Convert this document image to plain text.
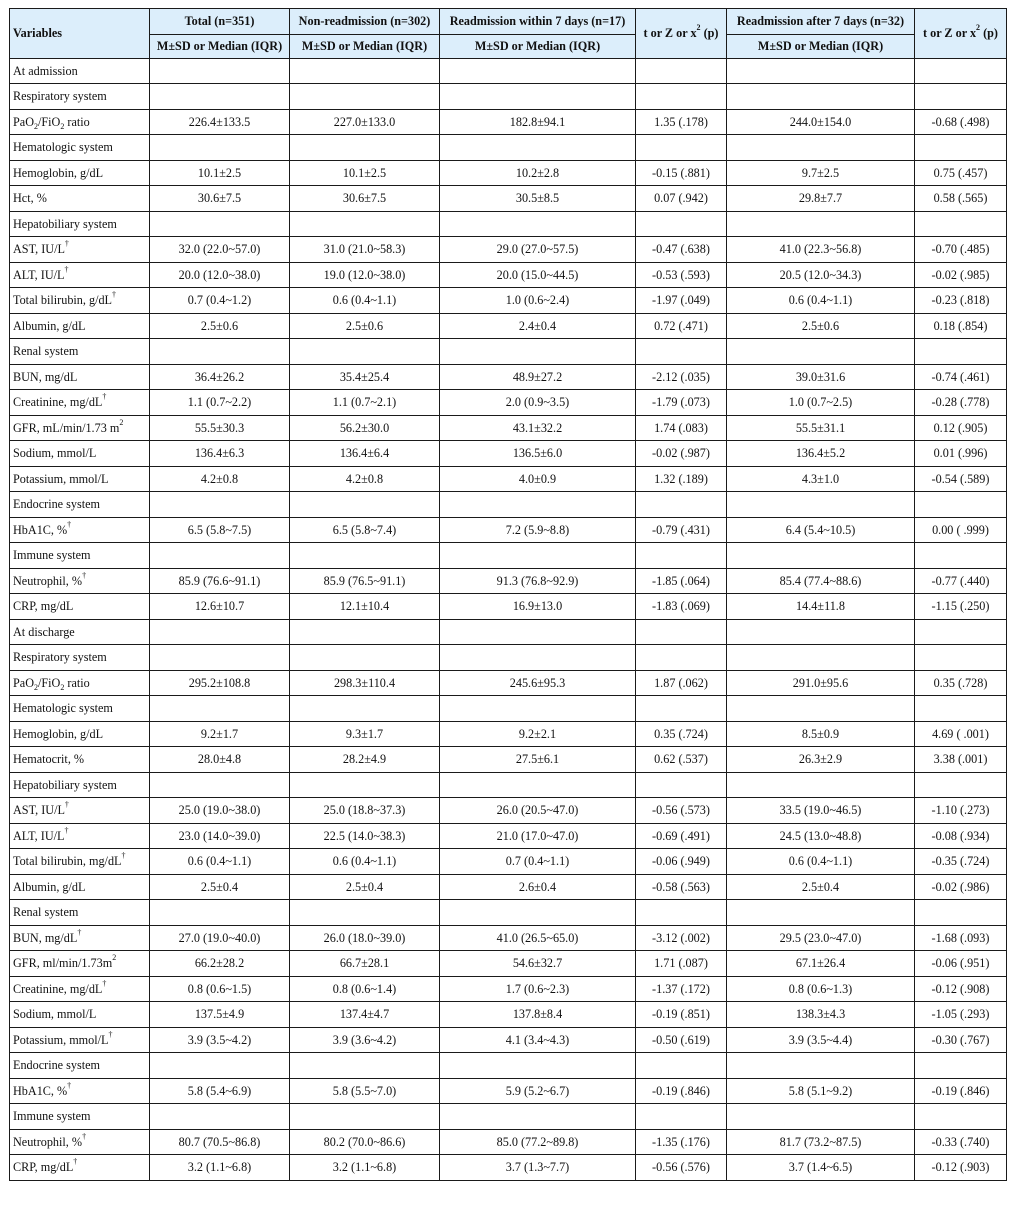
Variables	Total (n=351)	Non-readmission (n=302)	Readmission within 7 days (n=17)	t or Z or $x^2$ (p)	Readmission after 7 days (n=32)	t or Z or $x^2$ (p)
	M±SD or Median (IQR)	M±SD or Median (IQR)	M±SD or Median (IQR)		M±SD or Median (IQR)	
At admission						
Respiratory system						
PaO$_2$/FiO$_2$ ratio	226.4±133.5	227.0±133.0	182.8±94.1	1.35 (.178)	244.0±154.0	-0.68 (.498)
Hematologic system						
Hemoglobin, g/dL	10.1±2.5	10.1±2.5	10.2±2.8	-0.15 (.881)	9.7±2.5	0.75 (.457)
Hct, %	30.6±7.5	30.6±7.5	30.5±8.5	0.07 (.942)	29.8±7.7	0.58 (.565)
Hepatobiliary system						
AST, IU/L†	32.0 (22.0~57.0)	31.0 (21.0~58.3)	29.0 (27.0~57.5)	-0.47 (.638)	41.0 (22.3~56.8)	-0.70 (.485)
ALT, IU/L†	20.0 (12.0~38.0)	19.0 (12.0~38.0)	20.0 (15.0~44.5)	-0.53 (.593)	20.5 (12.0~34.3)	-0.02 (.985)
Total bilirubin, g/dL†	0.7 (0.4~1.2)	0.6 (0.4~1.1)	1.0 (0.6~2.4)	-1.97 (.049)	0.6 (0.4~1.1)	-0.23 (.818)
Albumin, g/dL	2.5±0.6	2.5±0.6	2.4±0.4	0.72 (.471)	2.5±0.6	0.18 (.854)
Renal system						
BUN, mg/dL	36.4±26.2	35.4±25.4	48.9±27.2	-2.12 (.035)	39.0±31.6	-0.74 (.461)
Creatinine, mg/dL†	1.1 (0.7~2.2)	1.1 (0.7~2.1)	2.0 (0.9~3.5)	-1.79 (.073)	1.0 (0.7~2.5)	-0.28 (.778)
GFR, mL/min/1.73 $m^2$	55.5±30.3	56.2±30.0	43.1±32.2	1.74 (.083)	55.5±31.1	0.12 (.905)
Sodium, mmol/L	136.4±6.3	136.4±6.4	136.5±6.0	-0.02 (.987)	136.4±5.2	0.01 (.996)
Potassium, mmol/L	4.2±0.8	4.2±0.8	4.0±0.9	1.32 (.189)	4.3±1.0	-0.54 (.589)
Endocrine system						
HbA1C, %†	6.5 (5.8~7.5)	6.5 (5.8~7.4)	7.2 (5.9~8.8)	-0.79 (.431)	6.4 (5.4~10.5)	0.00 ( .999)
Immune system						
Neutrophil, %†	85.9 (76.6~91.1)	85.9 (76.5~91.1)	91.3 (76.8~92.9)	-1.85 (.064)	85.4 (77.4~88.6)	-0.77 (.440)
CRP, mg/dL	12.6±10.7	12.1±10.4	16.9±13.0	-1.83 (.069)	14.4±11.8	-1.15 (.250)
At discharge						
Respiratory system						
PaO$_2$/FiO$_2$ ratio	295.2±108.8	298.3±110.4	245.6±95.3	1.87 (.062)	291.0±95.6	0.35 (.728)
Hematologic system						
Hemoglobin, g/dL	9.2±1.7	9.3±1.7	9.2±2.1	0.35 (.724)	8.5±0.9	4.69 ( .001)
Hematocrit, %	28.0±4.8	28.2±4.9	27.5±6.1	0.62 (.537)	26.3±2.9	3.38 (.001)
Hepatobiliary system						
AST, IU/L†	25.0 (19.0~38.0)	25.0 (18.8~37.3)	26.0 (20.5~47.0)	-0.56 (.573)	33.5 (19.0~46.5)	-1.10 (.273)
ALT, IU/L†	23.0 (14.0~39.0)	22.5 (14.0~38.3)	21.0 (17.0~47.0)	-0.69 (.491)	24.5 (13.0~48.8)	-0.08 (.934)
Total bilirubin, mg/dL†	0.6 (0.4~1.1)	0.6 (0.4~1.1)	0.7 (0.4~1.1)	-0.06 (.949)	0.6 (0.4~1.1)	-0.35 (.724)
Albumin, g/dL	2.5±0.4	2.5±0.4	2.6±0.4	-0.58 (.563)	2.5±0.4	-0.02 (.986)
Renal system						
BUN, mg/dL†	27.0 (19.0~40.0)	26.0 (18.0~39.0)	41.0 (26.5~65.0)	-3.12 (.002)	29.5 (23.0~47.0)	-1.68 (.093)
GFR, $ml/\min/1.73m^2$	66.2±28.2	66.7±28.1	54.6±32.7	1.71 (.087)	67.1±26.4	-0.06 (.951)
Creatinine, mg/dL†	0.8 (0.6~1.5)	0.8 (0.6~1.4)	1.7 (0.6~2.3)	-1.37 (.172)	0.8 (0.6~1.3)	-0.12 (.908)
Sodium, mmol/L	137.5±4.9	137.4±4.7	137.8±8.4	-0.19 (.851)	138.3±4.3	-1.05 (.293)
Potassium, mmol/L†	3.9 (3.5~4.2)	3.9 (3.6~4.2)	4.1 (3.4~4.3)	-0.50 (.619)	3.9 (3.5~4.4)	-0.30 (.767)
Endocrine system						
HbA1C, %†	5.8 (5.4~6.9)	5.8 (5.5~7.0)	5.9 (5.2~6.7)	-0.19 (.846)	5.8 (5.1~9.2)	-0.19 (.846)
Immune system						
Neutrophil, %†	80.7 (70.5~86.8)	80.2 (70.0~86.6)	85.0 (77.2~89.8)	-1.35 (.176)	81.7 (73.2~87.5)	-0.33 (.740)
CRP, mg/dL†	3.2 (1.1~6.8)	3.2 (1.1~6.8)	3.7 (1.3~7.7)	-0.56 (.576)	3.7 (1.4~6.5)	-0.12 (.903)
